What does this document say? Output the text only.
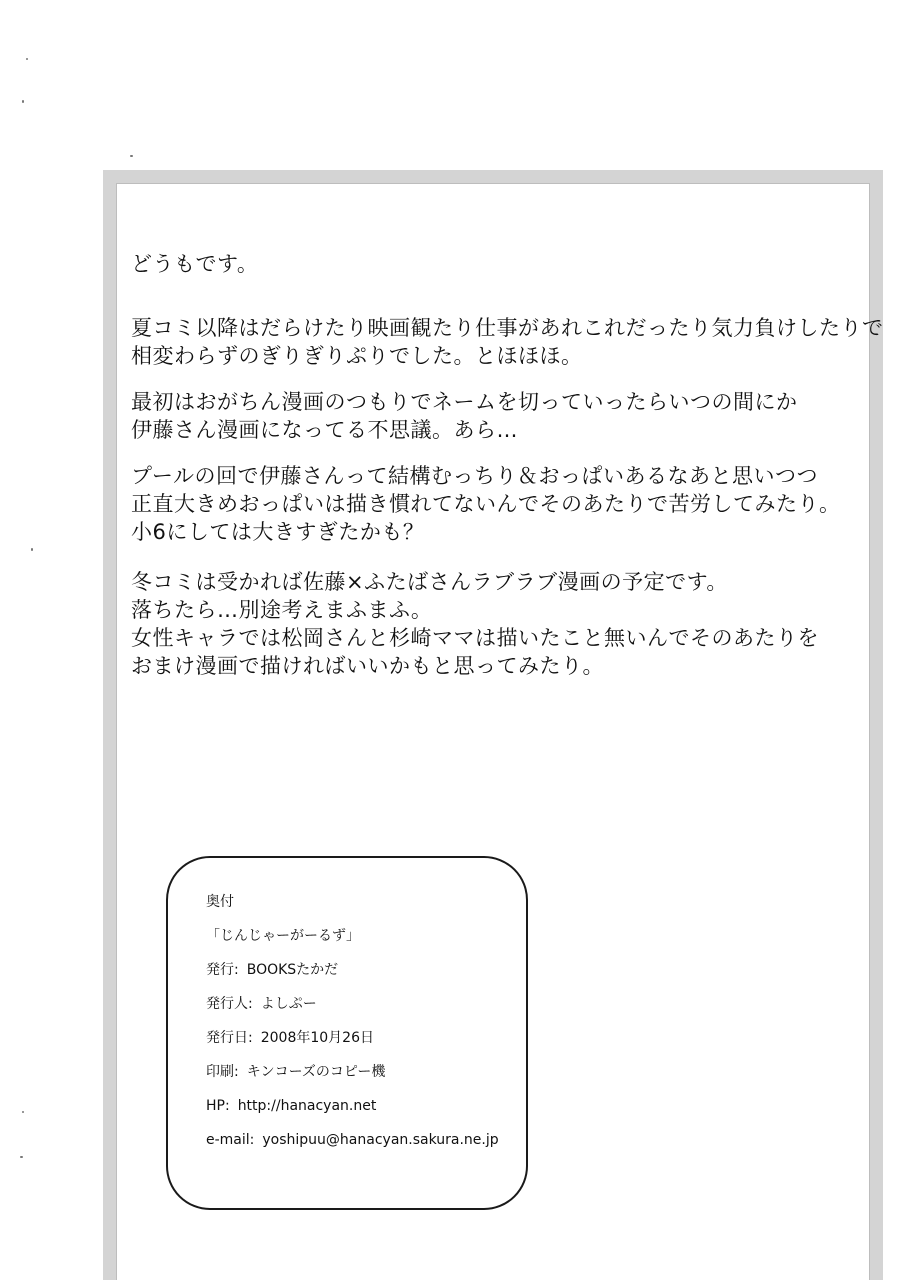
どうもです。

夏コミ以降はだらけたり映画観たり仕事があれこれだったり気力負けしたりで
相変わらずのぎりぎりぷりでした。とほほほ。

最初はおがちん漫画のつもりでネームを切っていったらいつの間にか
伊藤さん漫画になってる不思議。あら…

プールの回で伊藤さんって結構むっちり＆おっぱいあるなあと思いつつ
正直大きめおっぱいは描き慣れてないんでそのあたりで苦労してみたり。
小6にしては大きすぎたかも？

冬コミは受かれば佐藤×ふたばさんラブラブ漫画の予定です。
落ちたら…別途考えまふまふ。
女性キャラでは松岡さんと杉崎ママは描いたこと無いんでそのあたりを
おまけ漫画で描ければいいかもと思ってみたり。

奥付
「じんじゃーがーるず」
発行: BOOKSたかだ
発行人: よしぷー
発行日: 2008年10月26日
印刷: キンコーズのコピー機
HP: http://hanacyan.net
e-mail: yoshipuu@hanacyan.sakura.ne.jp
